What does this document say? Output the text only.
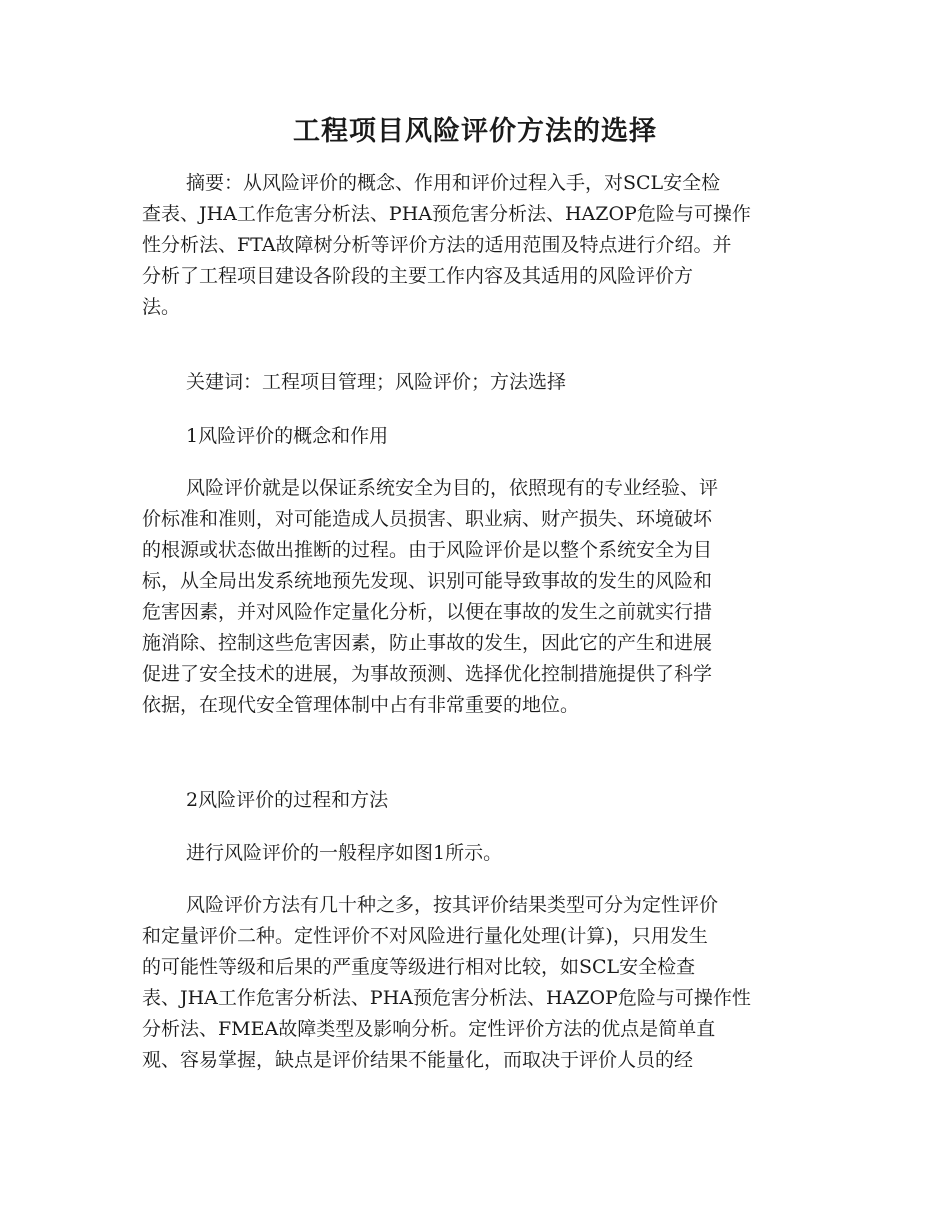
工程项目风险评价方法的选择
摘要：从风险评价的概念、作用和评价过程入手，对SCL安全检
查表、JHA工作危害分析法、PHA预危害分析法、HAZOP危险与可操作
性分析法、FTA故障树分析等评价方法的适用范围及特点进行介绍。并
分析了工程项目建设各阶段的主要工作内容及其适用的风险评价方
法。
关建词：工程项目管理；风险评价；方法选择
1风险评价的概念和作用
风险评价就是以保证系统安全为目的，依照现有的专业经验、评
价标准和准则，对可能造成人员损害、职业病、财产损失、环境破坏
的根源或状态做出推断的过程。由于风险评价是以整个系统安全为目
标，从全局出发系统地预先发现、识别可能导致事故的发生的风险和
危害因素，并对风险作定量化分析，以便在事故的发生之前就实行措
施消除、控制这些危害因素，防止事故的发生，因此它的产生和进展
促进了安全技术的进展，为事故预测、选择优化控制措施提供了科学
依据，在现代安全管理体制中占有非常重要的地位。
2风险评价的过程和方法
进行风险评价的一般程序如图1所示。
风险评价方法有几十种之多，按其评价结果类型可分为定性评价
和定量评价二种。定性评价不对风险进行量化处理(计算)，只用发生
的可能性等级和后果的严重度等级进行相对比较，如SCL安全检查
表、JHA工作危害分析法、PHA预危害分析法、HAZOP危险与可操作性
分析法、FMEA故障类型及影响分析。定性评价方法的优点是简单直
观、容易掌握，缺点是评价结果不能量化，而取决于评价人员的经
